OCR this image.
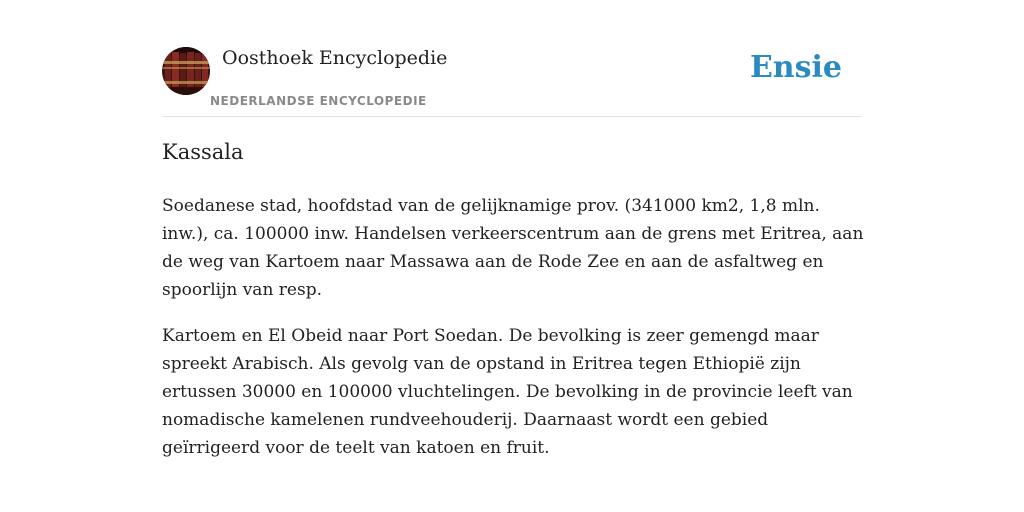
Oosthoek Encyclopedie
NEDERLANDSE ENCYCLOPEDIE
Ensie
Kassala

Soedanese stad, hoofdstad van de gelijknamige prov. (341000 km2, 1,8 mln. inw.), ca. 100000 inw. Handelsen verkeerscentrum aan de grens met Eritrea, aan de weg van Kartoem naar Massawa aan de Rode Zee en aan de asfaltweg en spoorlijn van resp.

Kartoem en El Obeid naar Port Soedan. De bevolking is zeer gemengd maar spreekt Arabisch. Als gevolg van de opstand in Eritrea tegen Ethiopië zijn ertussen 30000 en 100000 vluchtelingen. De bevolking in de provincie leeft van nomadische kamelenen rundveehouderij. Daarnaast wordt een gebied geïrrigeerd voor de teelt van katoen en fruit.
